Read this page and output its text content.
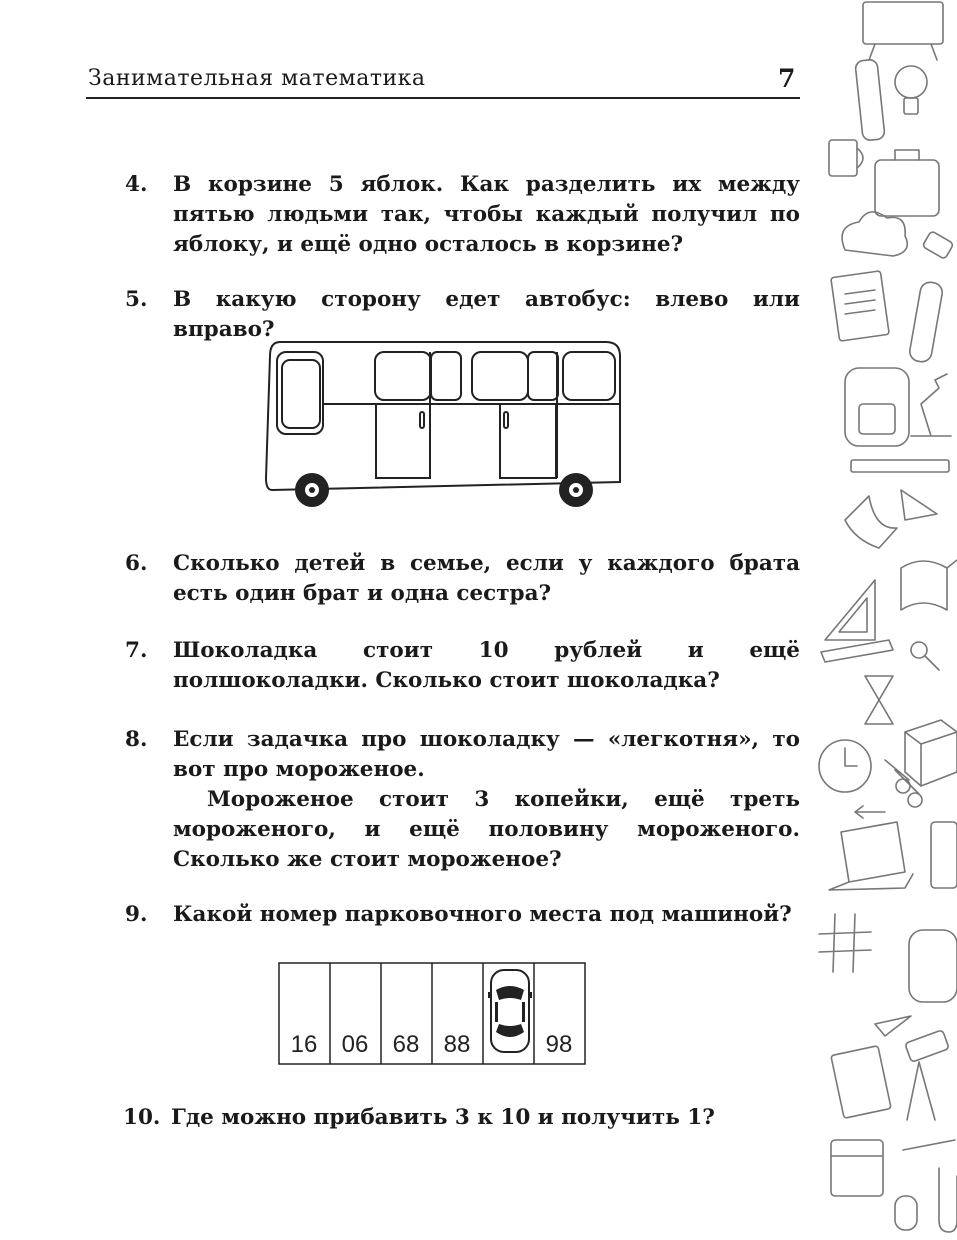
Занимательная математика	7
4. В корзине 5 яблок. Как разделить их между пятью людьми так, чтобы каждый получил по яблоку, и ещё одно осталось в корзине?
5. В какую сторону едет автобус: влево или вправо?
6. Сколько детей в семье, если у каждого брата есть один брат и одна сестра?
7. Шоколадка стоит 10 рублей и ещё полшоколадки. Сколько стоит шоколадка?
8. Если задачка про шоколадку — «легкотня», то вот про мороженое.
Мороженое стоит 3 копейки, ещё треть мороженого, и ещё половину мороженого. Сколько же стоит мороженое?
9. Какой номер парковочного места под машиной?
16 06 68 88	98
10. Где можно прибавить 3 к 10 и получить 1?
